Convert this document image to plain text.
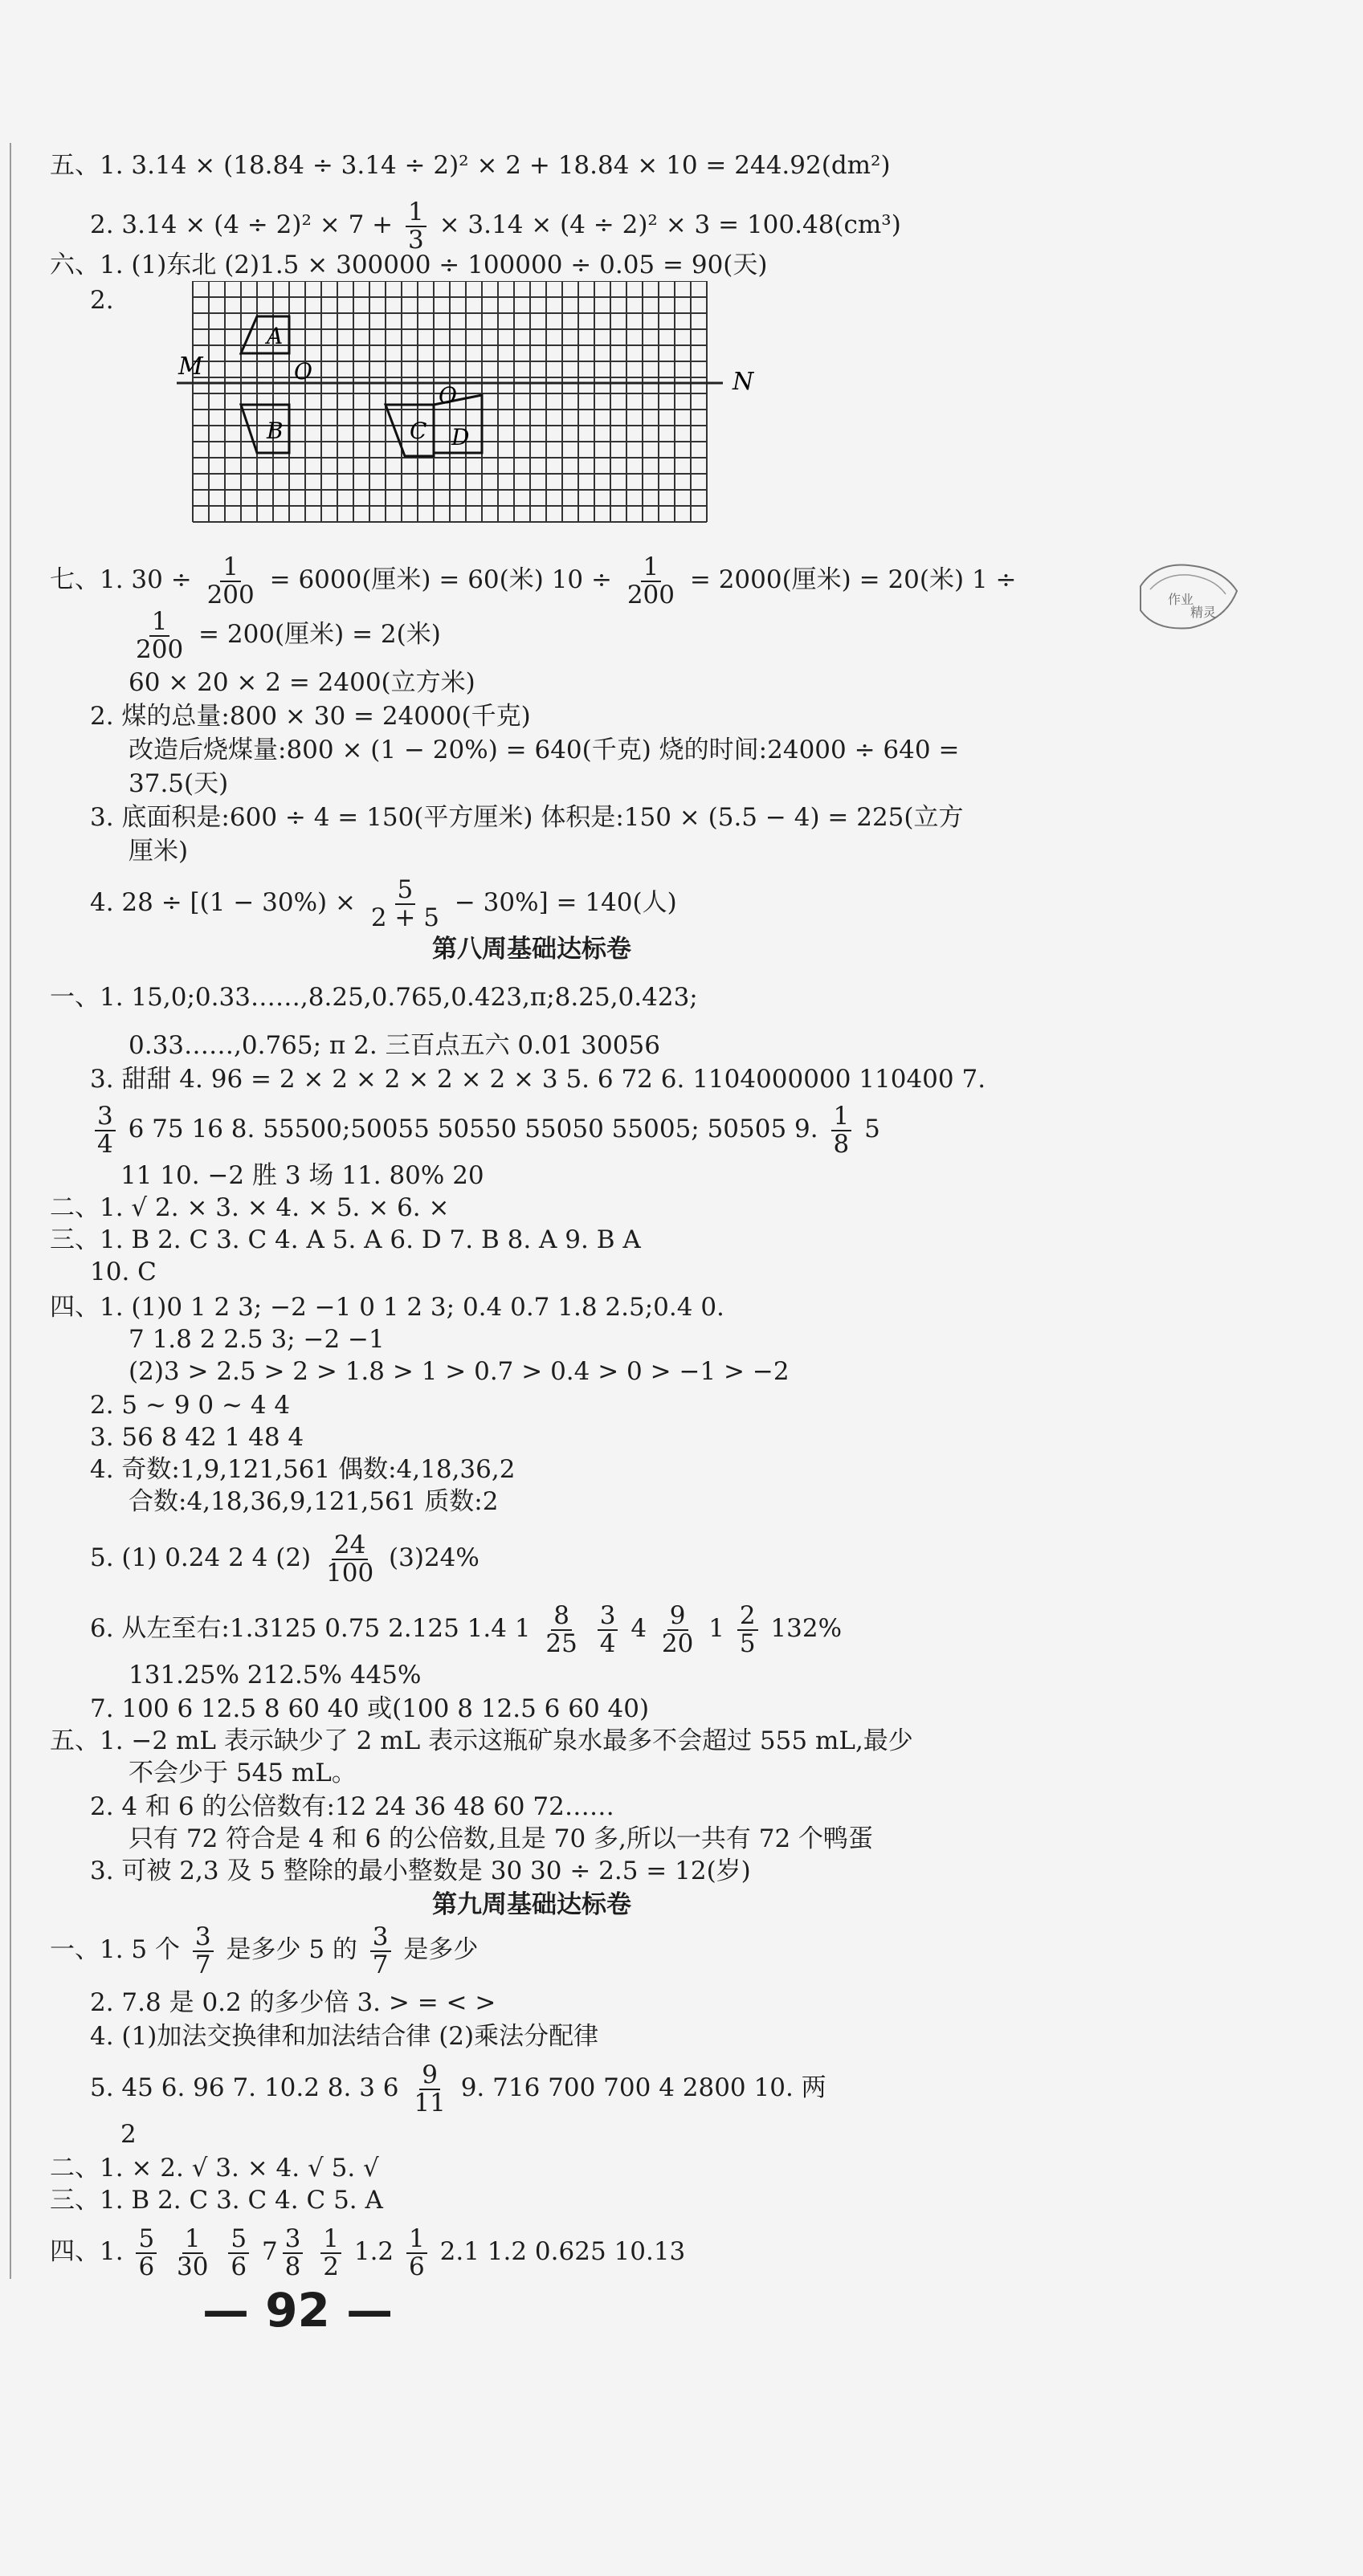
五、1. 3.14 × (18.84 ÷ 3.14 ÷ 2)² × 2 + 18.84 × 10 = 244.92(dm²)
2. $3.14 \times (4 \div 2)^2 \times 7 + \frac{1}{3} \times 3.14 \times (4 \div 2)^2 \times 3 = 100.48(cm^3)$
六、1. (1)东北 (2)1.5 × 300000 ÷ 100000 ÷ 0.05 = 90(天)
2.
M
N
A
O
B	C D
O
七、1. $30 \div \frac{1}{200} = 6000$(厘米) = 60(米) $10 \div \frac{1}{200} = 2000$(厘米) = 20(米) 1 ÷
$\frac{1}{200} = 200$(厘米) = 2(米)
60 × 20 × 2 = 2400(立方米)
2. 煤的总量:800 × 30 = 24000(千克)
改造后烧煤量:800 × (1 − 20%) = 640(千克) 烧的时间:24000 ÷ 640 =
37.5(天)
3. 底面积是:600 ÷ 4 = 150(平方厘米) 体积是:150 × (5.5 − 4) = 225(立方
厘米)
4. $28 \div [(1 - 30\%) \times \frac{5}{2 + 5} - 30\%] = 140$(人)
第八周基础达标卷
一、1. 15,0;0.33……,8.25,0.765,0.423,π;8.25,0.423;
0.33……,0.765; π 2. 三百点五六 0.01 30056
3. 甜甜 4. 96 = 2 × 2 × 2 × 2 × 2 × 3 5. 6 72 6. 1104000000 110400 7.
$\frac{3}{4} 6$ 75 16 8. 55500;50055 50550 55050 55005; 50505 9. $\frac{1}{8} 5$
11 10. −2 胜 3 场 11. 80% 20
二、1. √ 2. × 3. × 4. × 5. × 6. ×
三、1. B 2. C 3. C 4. A 5. A 6. D 7. B 8. A 9. B A
10. C
四、1. (1)0 1 2 3; −2 −1 0 1 2 3; 0.4 0.7 1.8 2.5;0.4 0.
7 1.8 2 2.5 3; −2 −1
(2)3 > 2.5 > 2 > 1.8 > 1 > 0.7 > 0.4 > 0 > −1 > −2
2. 5 ~ 9 0 ~ 4 4
3. 56 8 42 1 48 4
4. 奇数:1,9,121,561 偶数:4,18,36,2
合数:4,18,36,9,121,561 质数:2
5. (1) 0.24 2 4 $(2) \frac{24}{100} (3)24\%$
6. 从左至右:1.3125 0.75 2.125 1.4 $1 \frac{8}{25}$
$\frac{3}{4} 4 \frac{9}{20} 1 \frac{2}{5} 132\%$
131.25% 212.5% 445%
7. 100 6 12.5 8 60 40 或(100 8 12.5 6 60 40)
五、1. −2 mL 表示缺少了 2 mL 表示这瓶矿泉水最多不会超过 555 mL,最少
不会少于 545 mL。
2. 4 和 6 的公倍数有:12 24 36 48 60 72……
只有 72 符合是 4 和 6 的公倍数,且是 70 多,所以一共有 72 个鸭蛋
3. 可被 2,3 及 5 整除的最小整数是 30 30 ÷ 2.5 = 12(岁)
第九周基础达标卷
一、1. 5 个 $\frac{3}{7}$ 是多少 5 的 $\frac{3}{7}$ 是多少
2. 7.8 是 0.2 的多少倍 3. > = < >
4. (1)加法交换律和加法结合律 (2)乘法分配律
5. 45 6. 96 7. 10.2 8. 3 $6 \frac{9}{11} 9$. 716 700 700 4 2800 10. 两
2
二、1. × 2. √ 3. × 4. √ 5. √
三、1. B 2. C 3. C 4. C 5. A
四、1. $\frac{5}{6}$
$\frac{1}{30}$
$\frac{5}{6} 7 \frac{3}{8}$
$\frac{1}{2} 1.2 \frac{1}{6} 2.1$ 1.2 0.625 10.13
— 92 —
作业
精灵
